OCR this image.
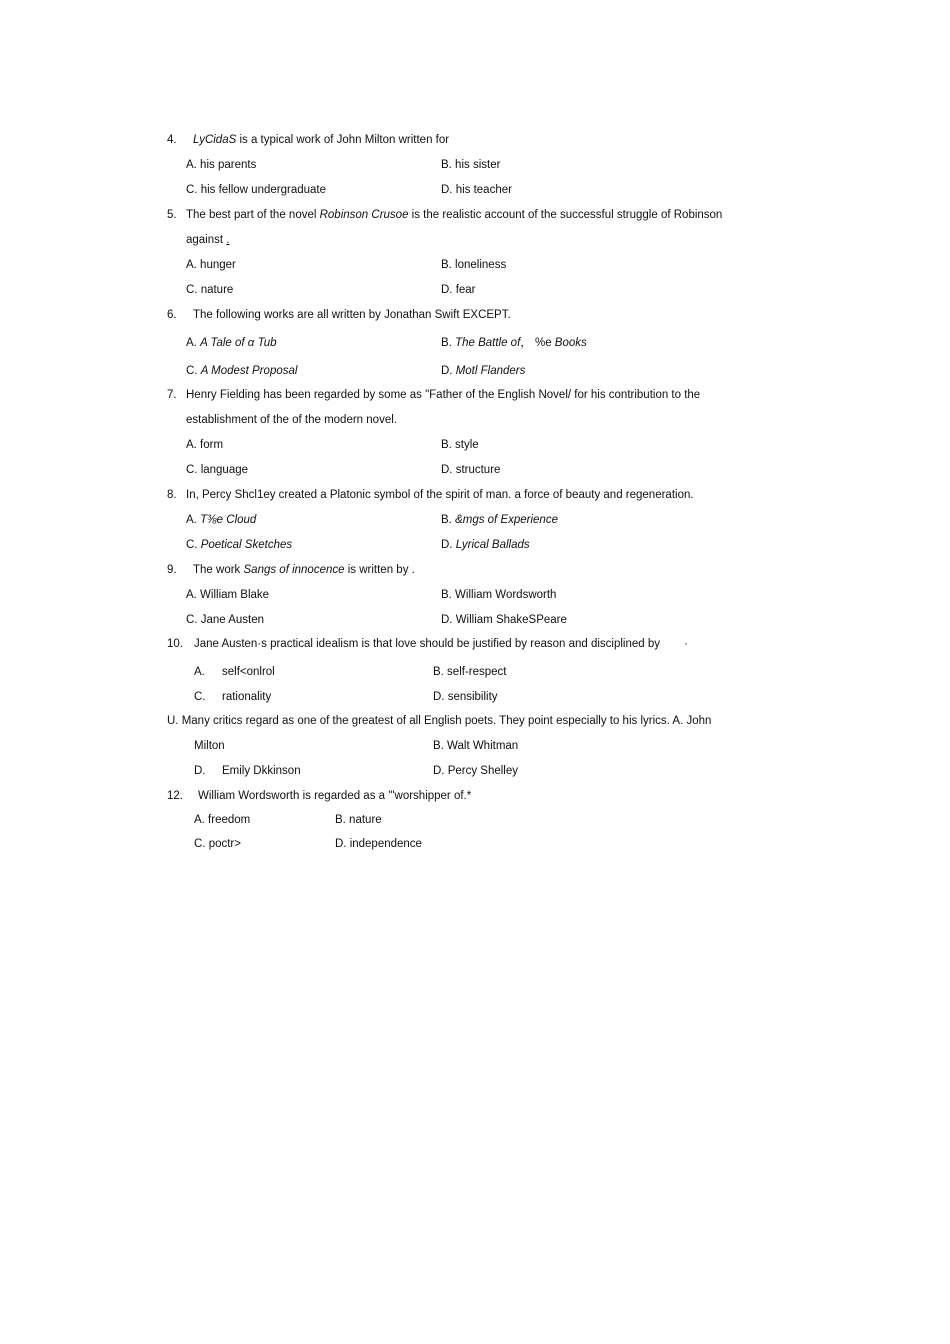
4. LyCidaS is a typical work of John Milton written for
A. his parents	B. his sister
C. his fellow undergraduate	D. his teacher
5. The best part of the novel Robinson Crusoe is the realistic account of the successful struggle of Robinson
against .
A. hunger	B. loneliness
C. nature	D. fear
6. The following works are all written by Jonathan Swift EXCEPT.
A. A Tale of α Tub	B. The Battle of， %e Books
C. A Modest Proposal	D. Motl Flanders
7. Henry Fielding has been regarded by some as "Father of the English Novel/ for his contribution to the
establishment of the of the modern novel.
A. form	B. style
C. language	D. structure
8. In, Percy Shcl1ey created a Platonic symbol of the spirit of man. a force of beauty and regeneration.
A. T⅜e Cloud	B. &mgs of Experience
C. Poetical Sketches	D. Lyrical Ballads
9. The work Sangs of innocence is written by .
A. William Blake	B. William Wordsworth
C. Jane Austen	D. William ShakeSPeare
10. Jane Austen·s practical idealism is that love should be justified by reason and disciplined by ·
A. self<onlrol	B. self-respect
C. rationality	D. sensibility
U. Many critics regard as one of the greatest of all English poets. They point especially to his lyrics. A. John
Milton	B. Walt Whitman
D. Emily Dkkinson	D. Percy Shelley
12. William Wordsworth is regarded as a '"worshipper of.*
A. freedom	B. nature
C. poctr>	D. independence
